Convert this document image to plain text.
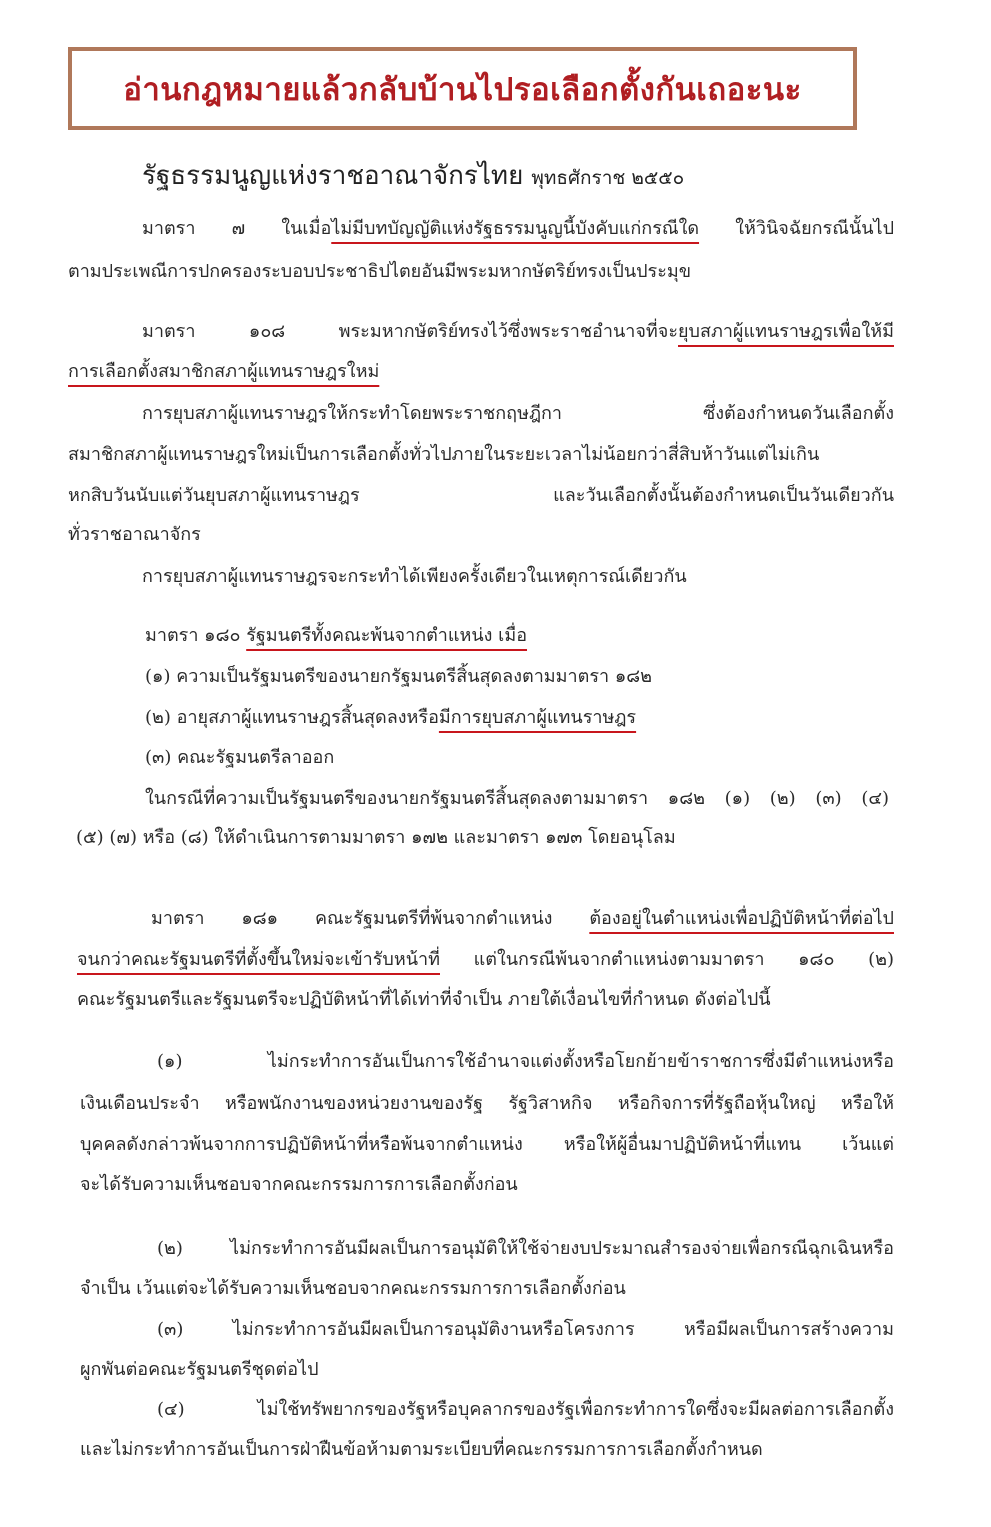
อ่านกฎหมายแล้วกลับบ้านไปรอเลือกตั้งกันเถอะนะ
รัฐธรรมนูญแห่งราชอาณาจักรไทย พุทธศักราช ๒๕๕๐
มาตรา ๗ ในเมื่อไม่มีบทบัญญัติแห่งรัฐธรรมนูญนี้บังคับแก่กรณีใด ให้วินิจฉัยกรณีนั้นไป
ตามประเพณีการปกครองระบอบประชาธิปไตยอันมีพระมหากษัตริย์ทรงเป็นประมุข
มาตรา ๑๐๘ พระมหากษัตริย์ทรงไว้ซึ่งพระราชอำนาจที่จะยุบสภาผู้แทนราษฎรเพื่อให้มี
การเลือกตั้งสมาชิกสภาผู้แทนราษฎรใหม่
การยุบสภาผู้แทนราษฎรให้กระทำโดยพระราชกฤษฎีกา ซึ่งต้องกำหนดวันเลือกตั้ง
สมาชิกสภาผู้แทนราษฎรใหม่เป็นการเลือกตั้งทั่วไปภายในระยะเวลาไม่น้อยกว่าสี่สิบห้าวันแต่ไม่เกิน
หกสิบวันนับแต่วันยุบสภาผู้แทนราษฎร และวันเลือกตั้งนั้นต้องกำหนดเป็นวันเดียวกัน
ทั่วราชอาณาจักร
การยุบสภาผู้แทนราษฎรจะกระทำได้เพียงครั้งเดียวในเหตุการณ์เดียวกัน
มาตรา ๑๘๐ รัฐมนตรีทั้งคณะพ้นจากตำแหน่ง เมื่อ
(๑) ความเป็นรัฐมนตรีของนายกรัฐมนตรีสิ้นสุดลงตามมาตรา ๑๘๒
(๒) อายุสภาผู้แทนราษฎรสิ้นสุดลงหรือมีการยุบสภาผู้แทนราษฎร
(๓) คณะรัฐมนตรีลาออก
ในกรณีที่ความเป็นรัฐมนตรีของนายกรัฐมนตรีสิ้นสุดลงตามมาตรา ๑๘๒ (๑) (๒) (๓) (๔)
(๕) (๗) หรือ (๘) ให้ดำเนินการตามมาตรา ๑๗๒ และมาตรา ๑๗๓ โดยอนุโลม
มาตรา ๑๘๑ คณะรัฐมนตรีที่พ้นจากตำแหน่ง ต้องอยู่ในตำแหน่งเพื่อปฏิบัติหน้าที่ต่อไป
จนกว่าคณะรัฐมนตรีที่ตั้งขึ้นใหม่จะเข้ารับหน้าที่ แต่ในกรณีพ้นจากตำแหน่งตามมาตรา ๑๘๐ (๒)
คณะรัฐมนตรีและรัฐมนตรีจะปฏิบัติหน้าที่ได้เท่าที่จำเป็น ภายใต้เงื่อนไขที่กำหนด ดังต่อไปนี้
(๑) ไม่กระทำการอันเป็นการใช้อำนาจแต่งตั้งหรือโยกย้ายข้าราชการซึ่งมีตำแหน่งหรือ
เงินเดือนประจำ หรือพนักงานของหน่วยงานของรัฐ รัฐวิสาหกิจ หรือกิจการที่รัฐถือหุ้นใหญ่ หรือให้
บุคคลดังกล่าวพ้นจากการปฏิบัติหน้าที่หรือพ้นจากตำแหน่ง หรือให้ผู้อื่นมาปฏิบัติหน้าที่แทน เว้นแต่
จะได้รับความเห็นชอบจากคณะกรรมการการเลือกตั้งก่อน
(๒) ไม่กระทำการอันมีผลเป็นการอนุมัติให้ใช้จ่ายงบประมาณสำรองจ่ายเพื่อกรณีฉุกเฉินหรือ
จำเป็น เว้นแต่จะได้รับความเห็นชอบจากคณะกรรมการการเลือกตั้งก่อน
(๓) ไม่กระทำการอันมีผลเป็นการอนุมัติงานหรือโครงการ หรือมีผลเป็นการสร้างความ
ผูกพันต่อคณะรัฐมนตรีชุดต่อไป
(๔) ไม่ใช้ทรัพยากรของรัฐหรือบุคลากรของรัฐเพื่อกระทำการใดซึ่งจะมีผลต่อการเลือกตั้ง
และไม่กระทำการอันเป็นการฝ่าฝืนข้อห้ามตามระเบียบที่คณะกรรมการการเลือกตั้งกำหนด
